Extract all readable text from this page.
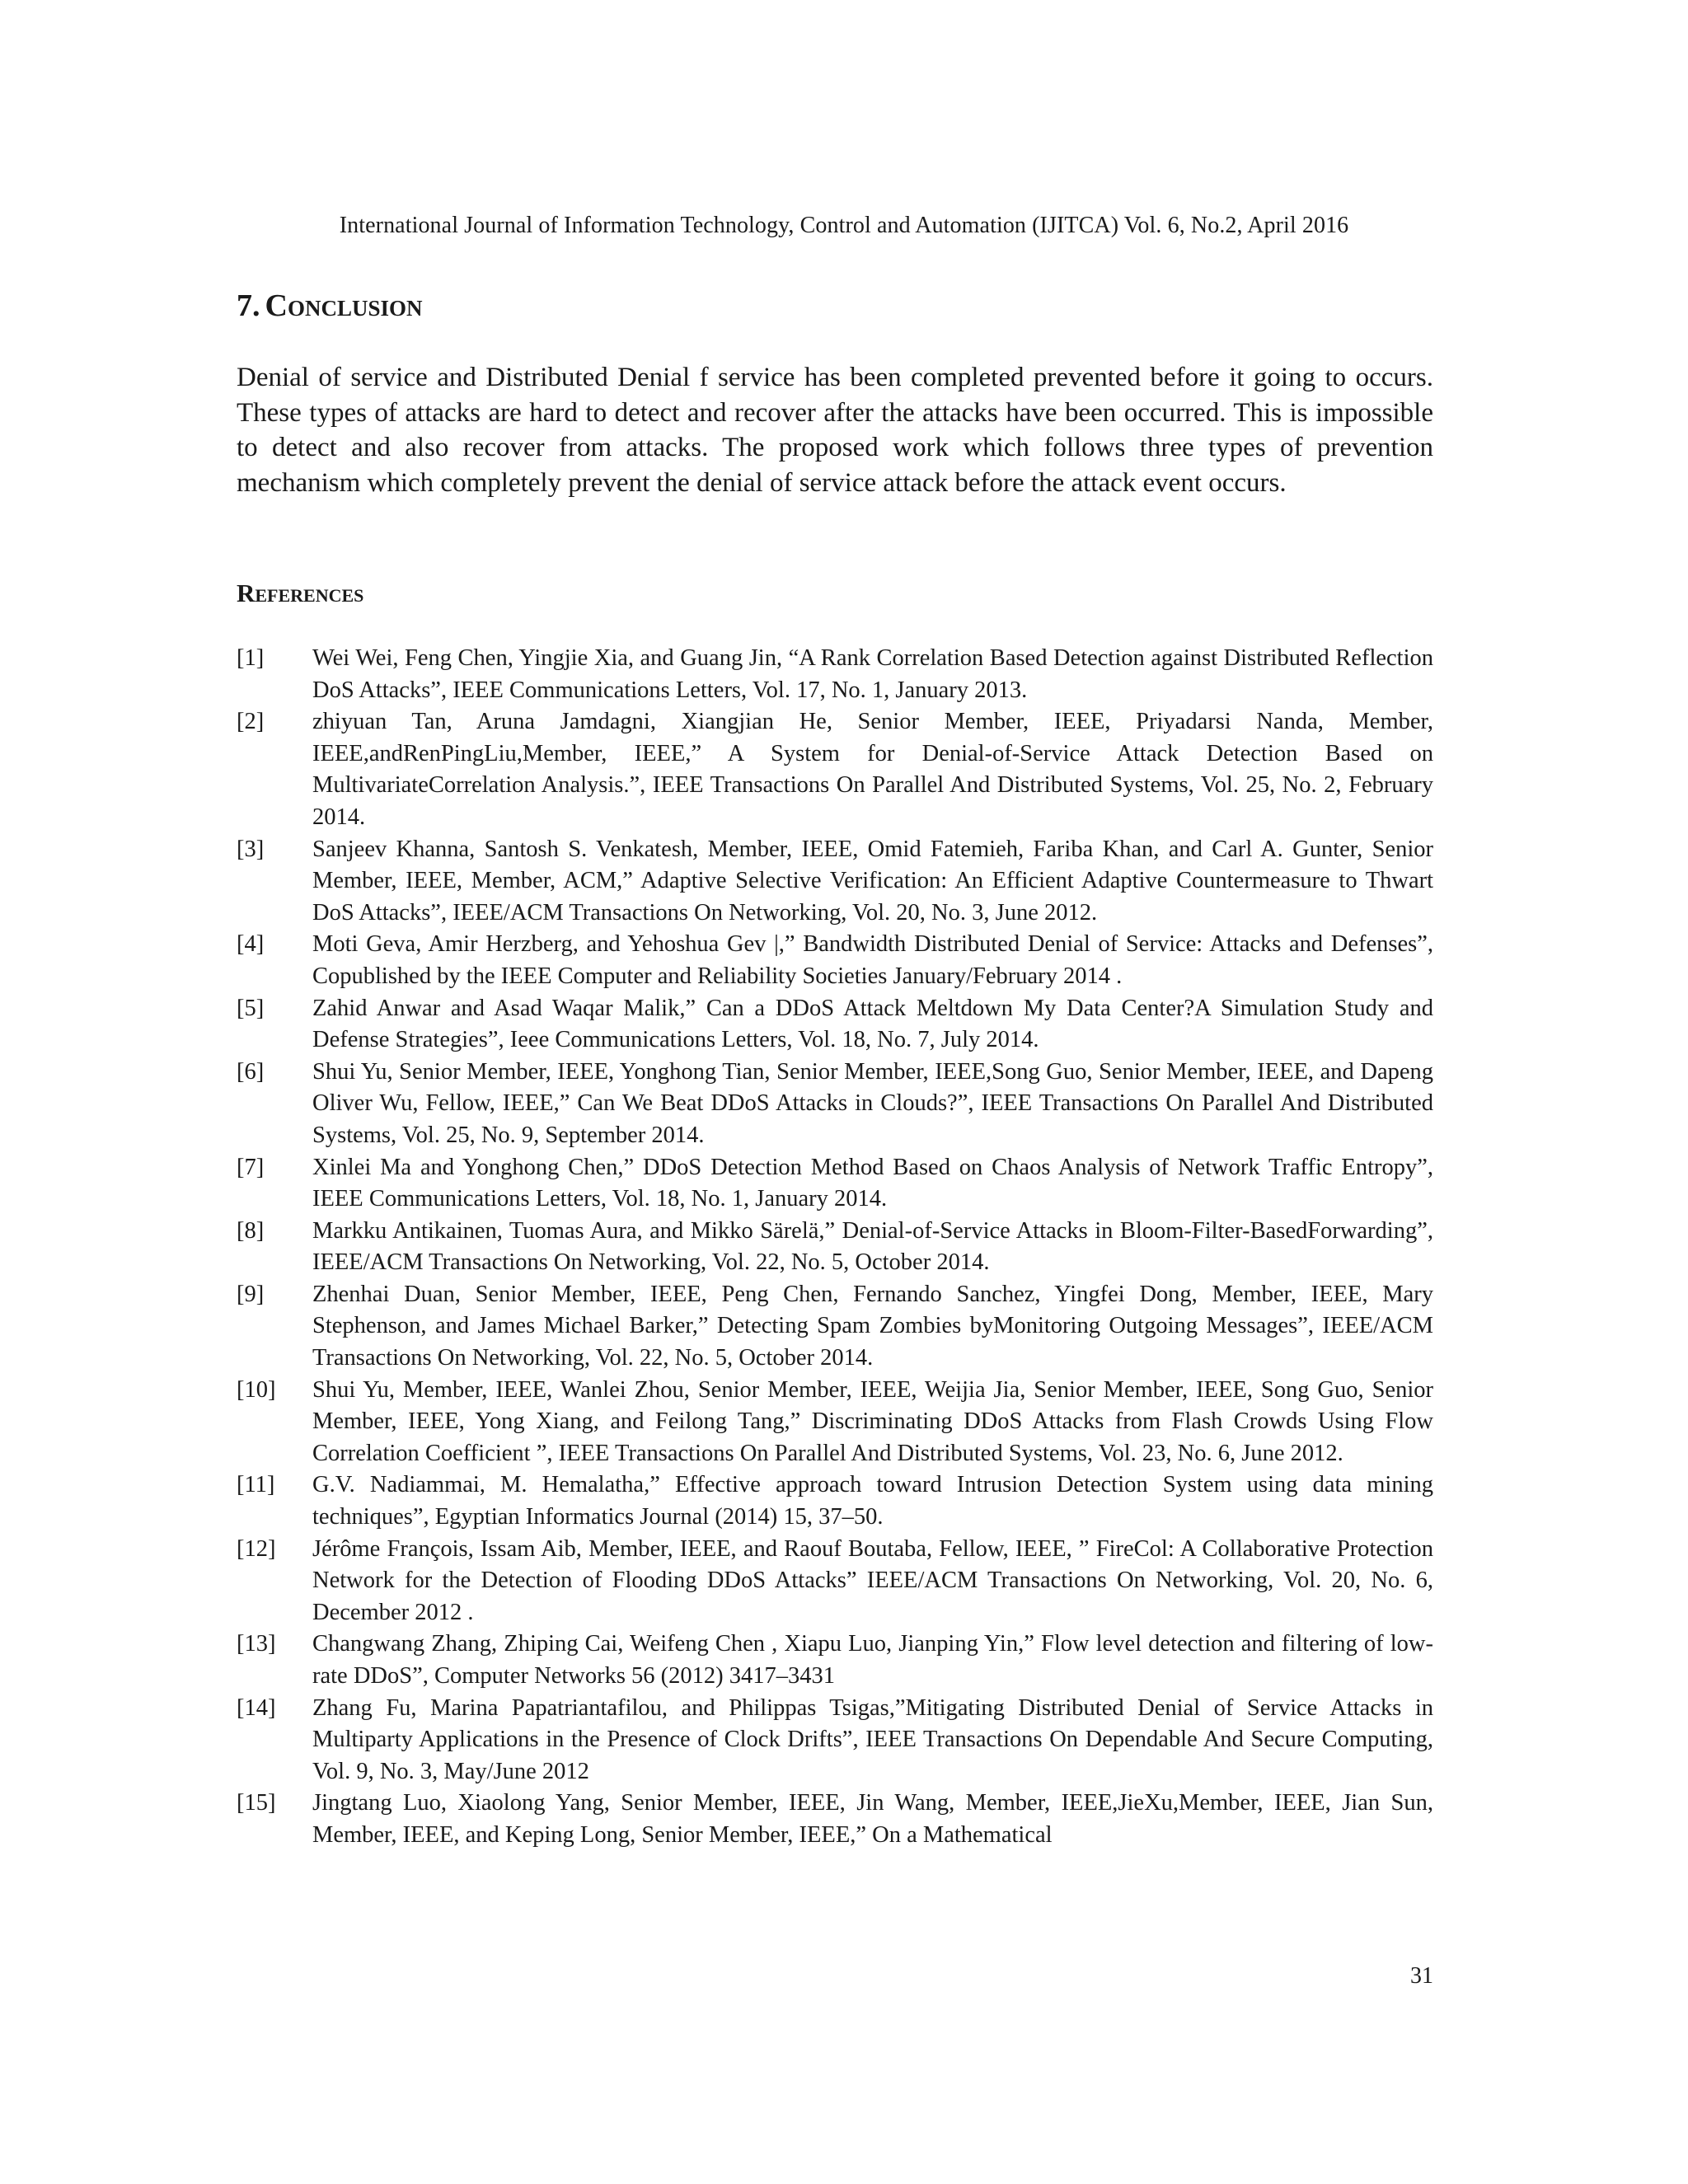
International Journal of Information Technology, Control and Automation (IJITCA) Vol. 6, No.2, April 2016
7. Conclusion

Denial of service and Distributed Denial f service has been completed prevented before it going to occurs. These types of attacks are hard to detect and recover after the attacks have been occurred. This is impossible to detect and also recover from attacks. The proposed work which follows three types of prevention mechanism which completely prevent the denial of service attack before the attack event occurs.

References
[1] Wei Wei, Feng Chen, Yingjie Xia, and Guang Jin, “A Rank Correlation Based Detection against Distributed Reflection DoS Attacks”, IEEE Communications Letters, Vol. 17, No. 1, January 2013.
[2] zhiyuan Tan, Aruna Jamdagni, Xiangjian He, Senior Member, IEEE, Priyadarsi Nanda, Member, IEEE,andRenPingLiu,Member, IEEE,” A System for Denial-of-Service Attack Detection Based on MultivariateCorrelation Analysis.”, IEEE Transactions On Parallel And Distributed Systems, Vol. 25, No. 2, February 2014.
[3] Sanjeev Khanna, Santosh S. Venkatesh, Member, IEEE, Omid Fatemieh, Fariba Khan, and Carl A. Gunter, Senior Member, IEEE, Member, ACM,” Adaptive Selective Verification: An Efficient Adaptive Countermeasure to Thwart DoS Attacks”, IEEE/ACM Transactions On Networking, Vol. 20, No. 3, June 2012.
[4] Moti Geva, Amir Herzberg, and Yehoshua Gev |,” Bandwidth Distributed Denial of Service: Attacks and Defenses”, Copublished by the IEEE Computer and Reliability Societies January/February 2014 .
[5] Zahid Anwar and Asad Waqar Malik,” Can a DDoS Attack Meltdown My Data Center?A Simulation Study and Defense Strategies”, Ieee Communications Letters, Vol. 18, No. 7, July 2014.
[6] Shui Yu, Senior Member, IEEE, Yonghong Tian, Senior Member, IEEE,Song Guo, Senior Member, IEEE, and Dapeng Oliver Wu, Fellow, IEEE,” Can We Beat DDoS Attacks in Clouds?”, IEEE Transactions On Parallel And Distributed Systems, Vol. 25, No. 9, September 2014.
[7] Xinlei Ma and Yonghong Chen,” DDoS Detection Method Based on Chaos Analysis of Network Traffic Entropy”, IEEE Communications Letters, Vol. 18, No. 1, January 2014.
[8] Markku Antikainen, Tuomas Aura, and Mikko Särelä,” Denial-of-Service Attacks in Bloom-Filter-BasedForwarding”, IEEE/ACM Transactions On Networking, Vol. 22, No. 5, October 2014.
[9] Zhenhai Duan, Senior Member, IEEE, Peng Chen, Fernando Sanchez, Yingfei Dong, Member, IEEE, Mary Stephenson, and James Michael Barker,” Detecting Spam Zombies byMonitoring Outgoing Messages”, IEEE/ACM Transactions On Networking, Vol. 22, No. 5, October 2014.
[10] Shui Yu, Member, IEEE, Wanlei Zhou, Senior Member, IEEE, Weijia Jia, Senior Member, IEEE, Song Guo, Senior Member, IEEE, Yong Xiang, and Feilong Tang,” Discriminating DDoS Attacks from Flash Crowds Using Flow Correlation Coefficient ”, IEEE Transactions On Parallel And Distributed Systems, Vol. 23, No. 6, June 2012.
[11] G.V. Nadiammai, M. Hemalatha,” Effective approach toward Intrusion Detection System using data mining techniques”, Egyptian Informatics Journal (2014) 15, 37–50.
[12] Jérôme François, Issam Aib, Member, IEEE, and Raouf Boutaba, Fellow, IEEE, ” FireCol: A Collaborative Protection Network for the Detection of Flooding DDoS Attacks” IEEE/ACM Transactions On Networking, Vol. 20, No. 6, December 2012 .
[13] Changwang Zhang, Zhiping Cai, Weifeng Chen , Xiapu Luo, Jianping Yin,” Flow level detection and filtering of low-rate DDoS”, Computer Networks 56 (2012) 3417–3431
[14] Zhang Fu, Marina Papatriantafilou, and Philippas Tsigas,”Mitigating Distributed Denial of Service Attacks in Multiparty Applications in the Presence of Clock Drifts”, IEEE Transactions On Dependable And Secure Computing, Vol. 9, No. 3, May/June 2012
[15] Jingtang Luo, Xiaolong Yang, Senior Member, IEEE, Jin Wang, Member, IEEE,JieXu,Member, IEEE, Jian Sun, Member, IEEE, and Keping Long, Senior Member, IEEE,” On a Mathematical
31
